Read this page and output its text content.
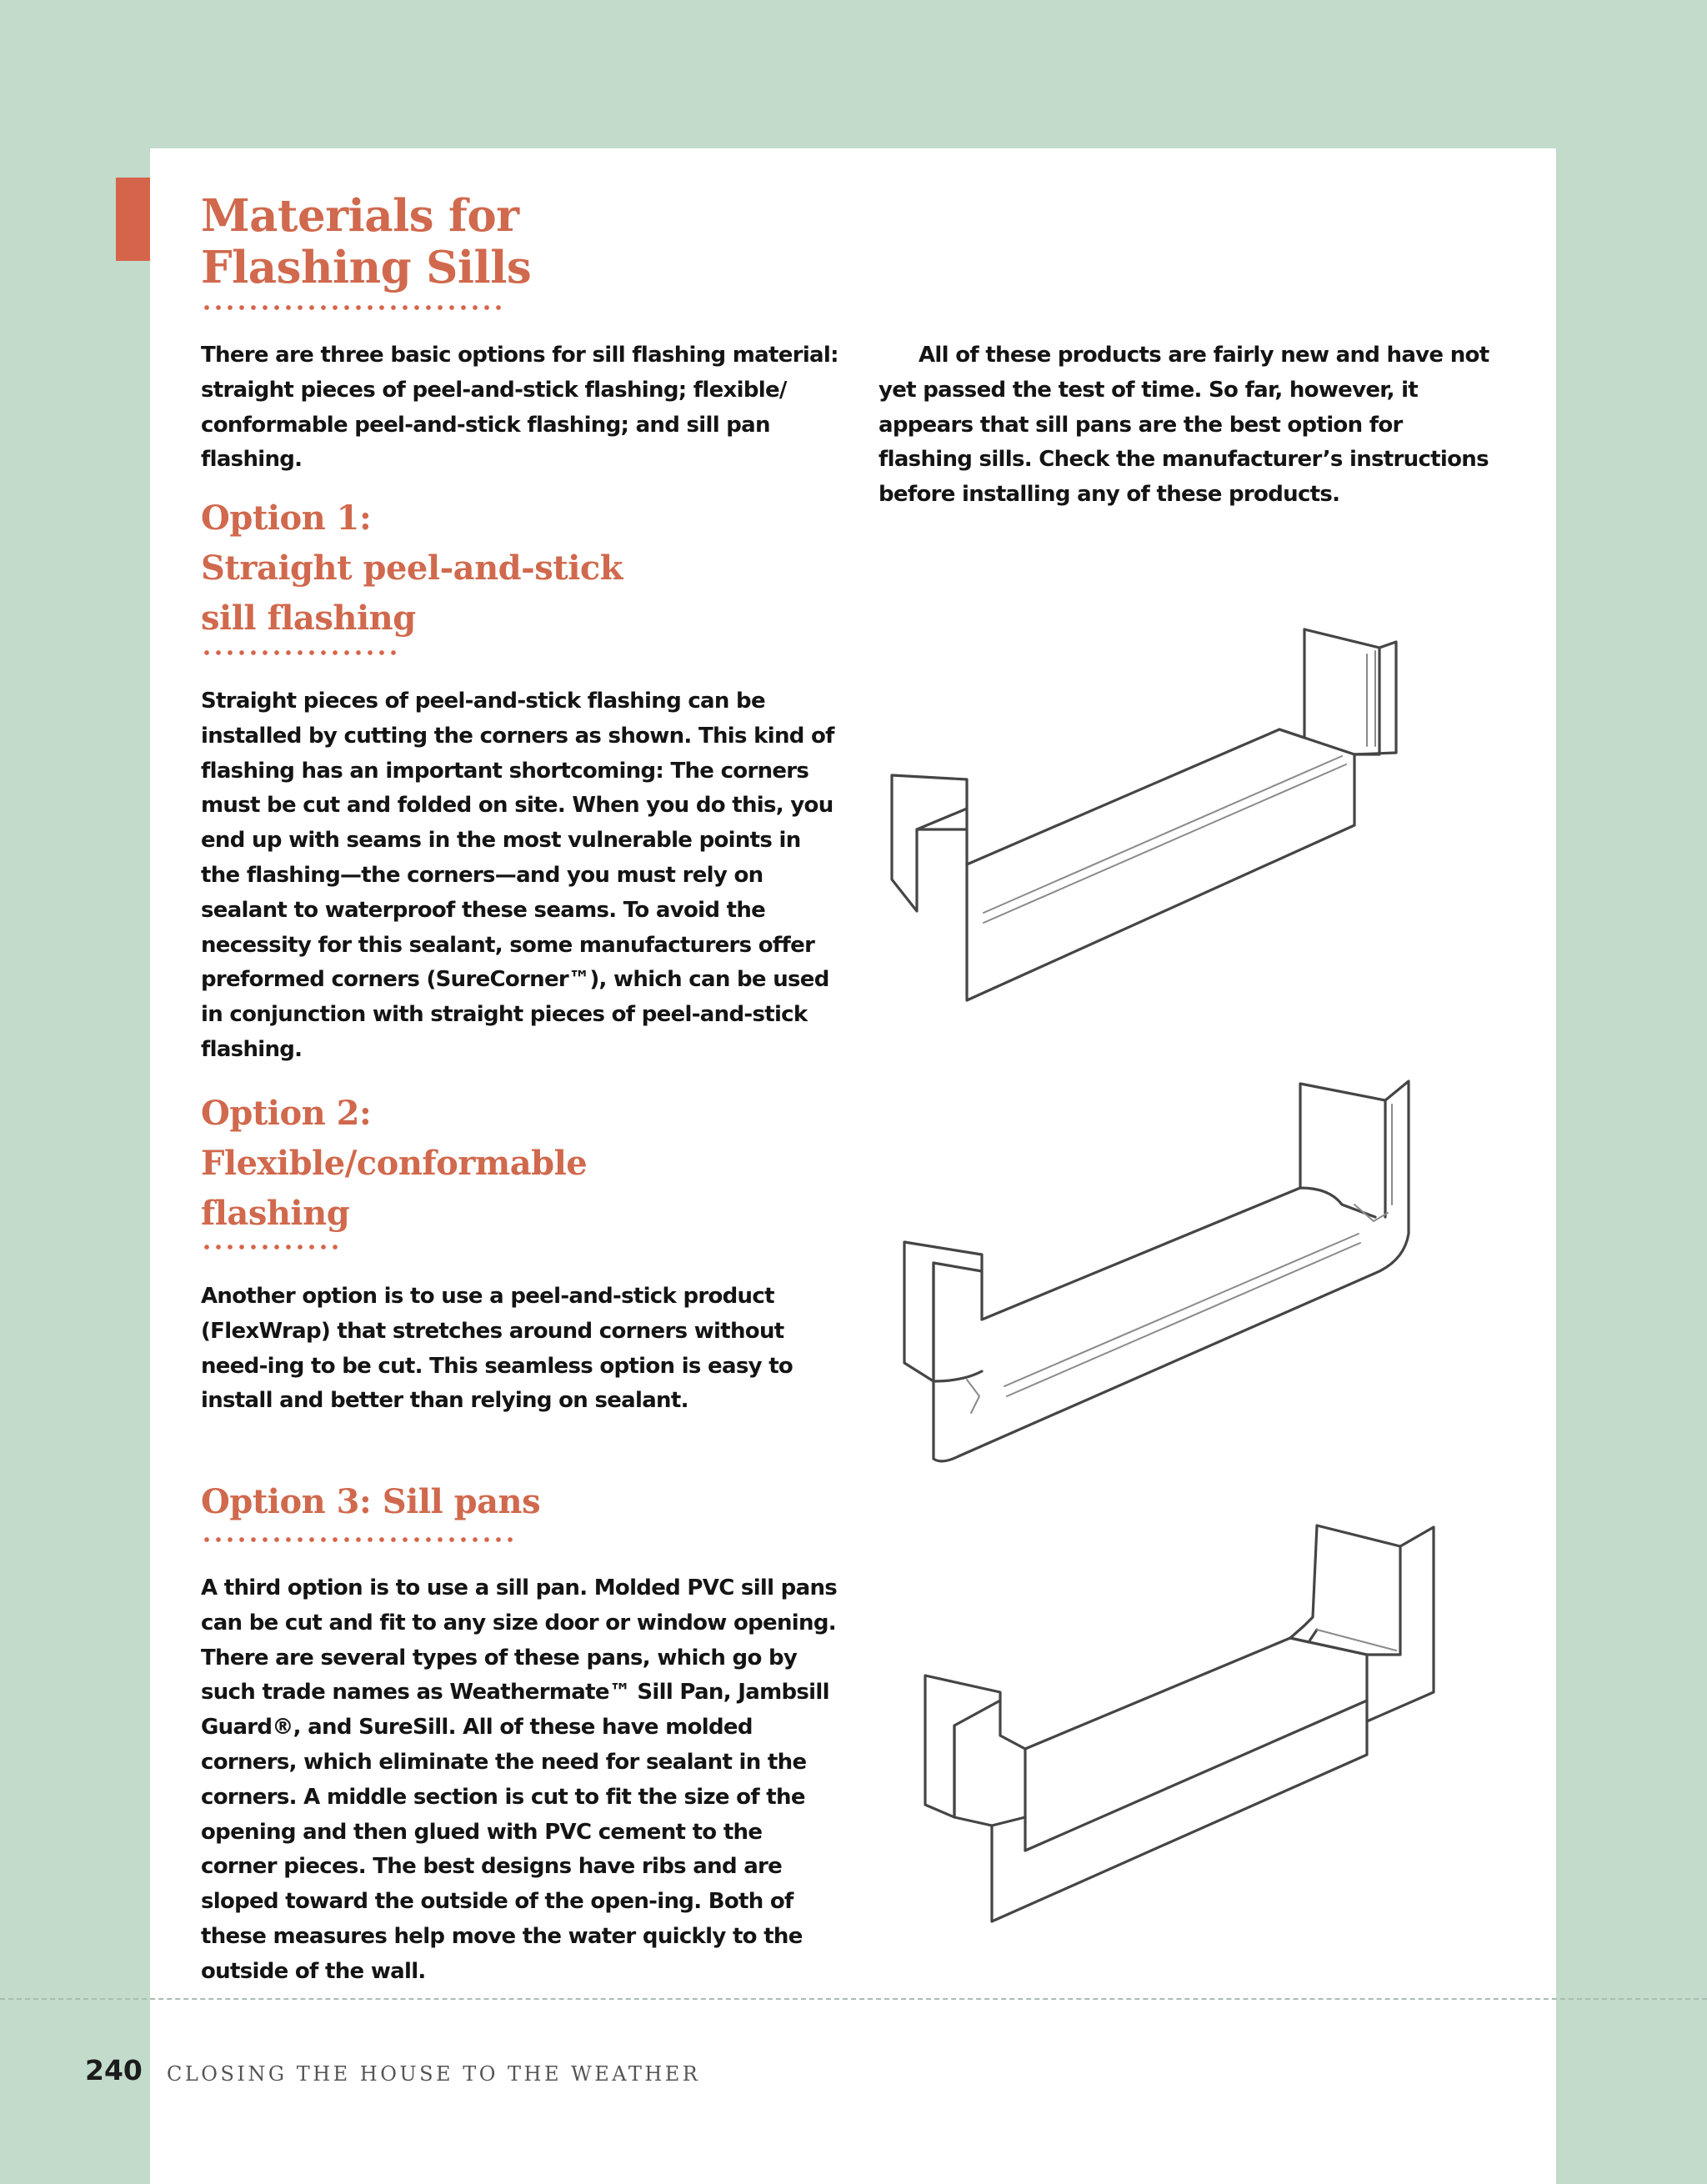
Materials for
Flashing Sills

There are three basic options for sill flashing material: straight pieces of peel-and-stick flashing; flexible/ conformable peel-and-stick flashing; and sill pan flashing.

All of these products are fairly new and have not yet passed the test of time. So far, however, it appears that sill pans are the best option for flashing sills. Check the manufacturer’s instructions before installing any of these products.

Option 1:
Straight peel-and-stick
sill flashing

Straight pieces of peel-and-stick flashing can be installed by cutting the corners as shown. This kind of flashing has an important shortcoming: The corners must be cut and folded on site. When you do this, you end up with seams in the most vulnerable points in the flashing—the corners—and you must rely on sealant to waterproof these seams. To avoid the necessity for this sealant, some manufacturers offer preformed corners (SureCorner™), which can be used in conjunction with straight pieces of peel-and-stick flashing.

Option 2:
Flexible/conformable
flashing

Another option is to use a peel-and-stick product (FlexWrap) that stretches around corners without need-ing to be cut. This seamless option is easy to install and better than relying on sealant.

Option 3: Sill pans

A third option is to use a sill pan. Molded PVC sill pans can be cut and fit to any size door or window opening. There are several types of these pans, which go by such trade names as Weathermate™ Sill Pan, Jambsill Guard®, and SureSill. All of these have molded corners, which eliminate the need for sealant in the corners. A middle section is cut to fit the size of the opening and then glued with PVC cement to the corner pieces. The best designs have ribs and are sloped toward the outside of the open-ing. Both of these measures help move the water quickly to the outside of the wall.

240 CLOSING THE HOUSE TO THE WEATHER
